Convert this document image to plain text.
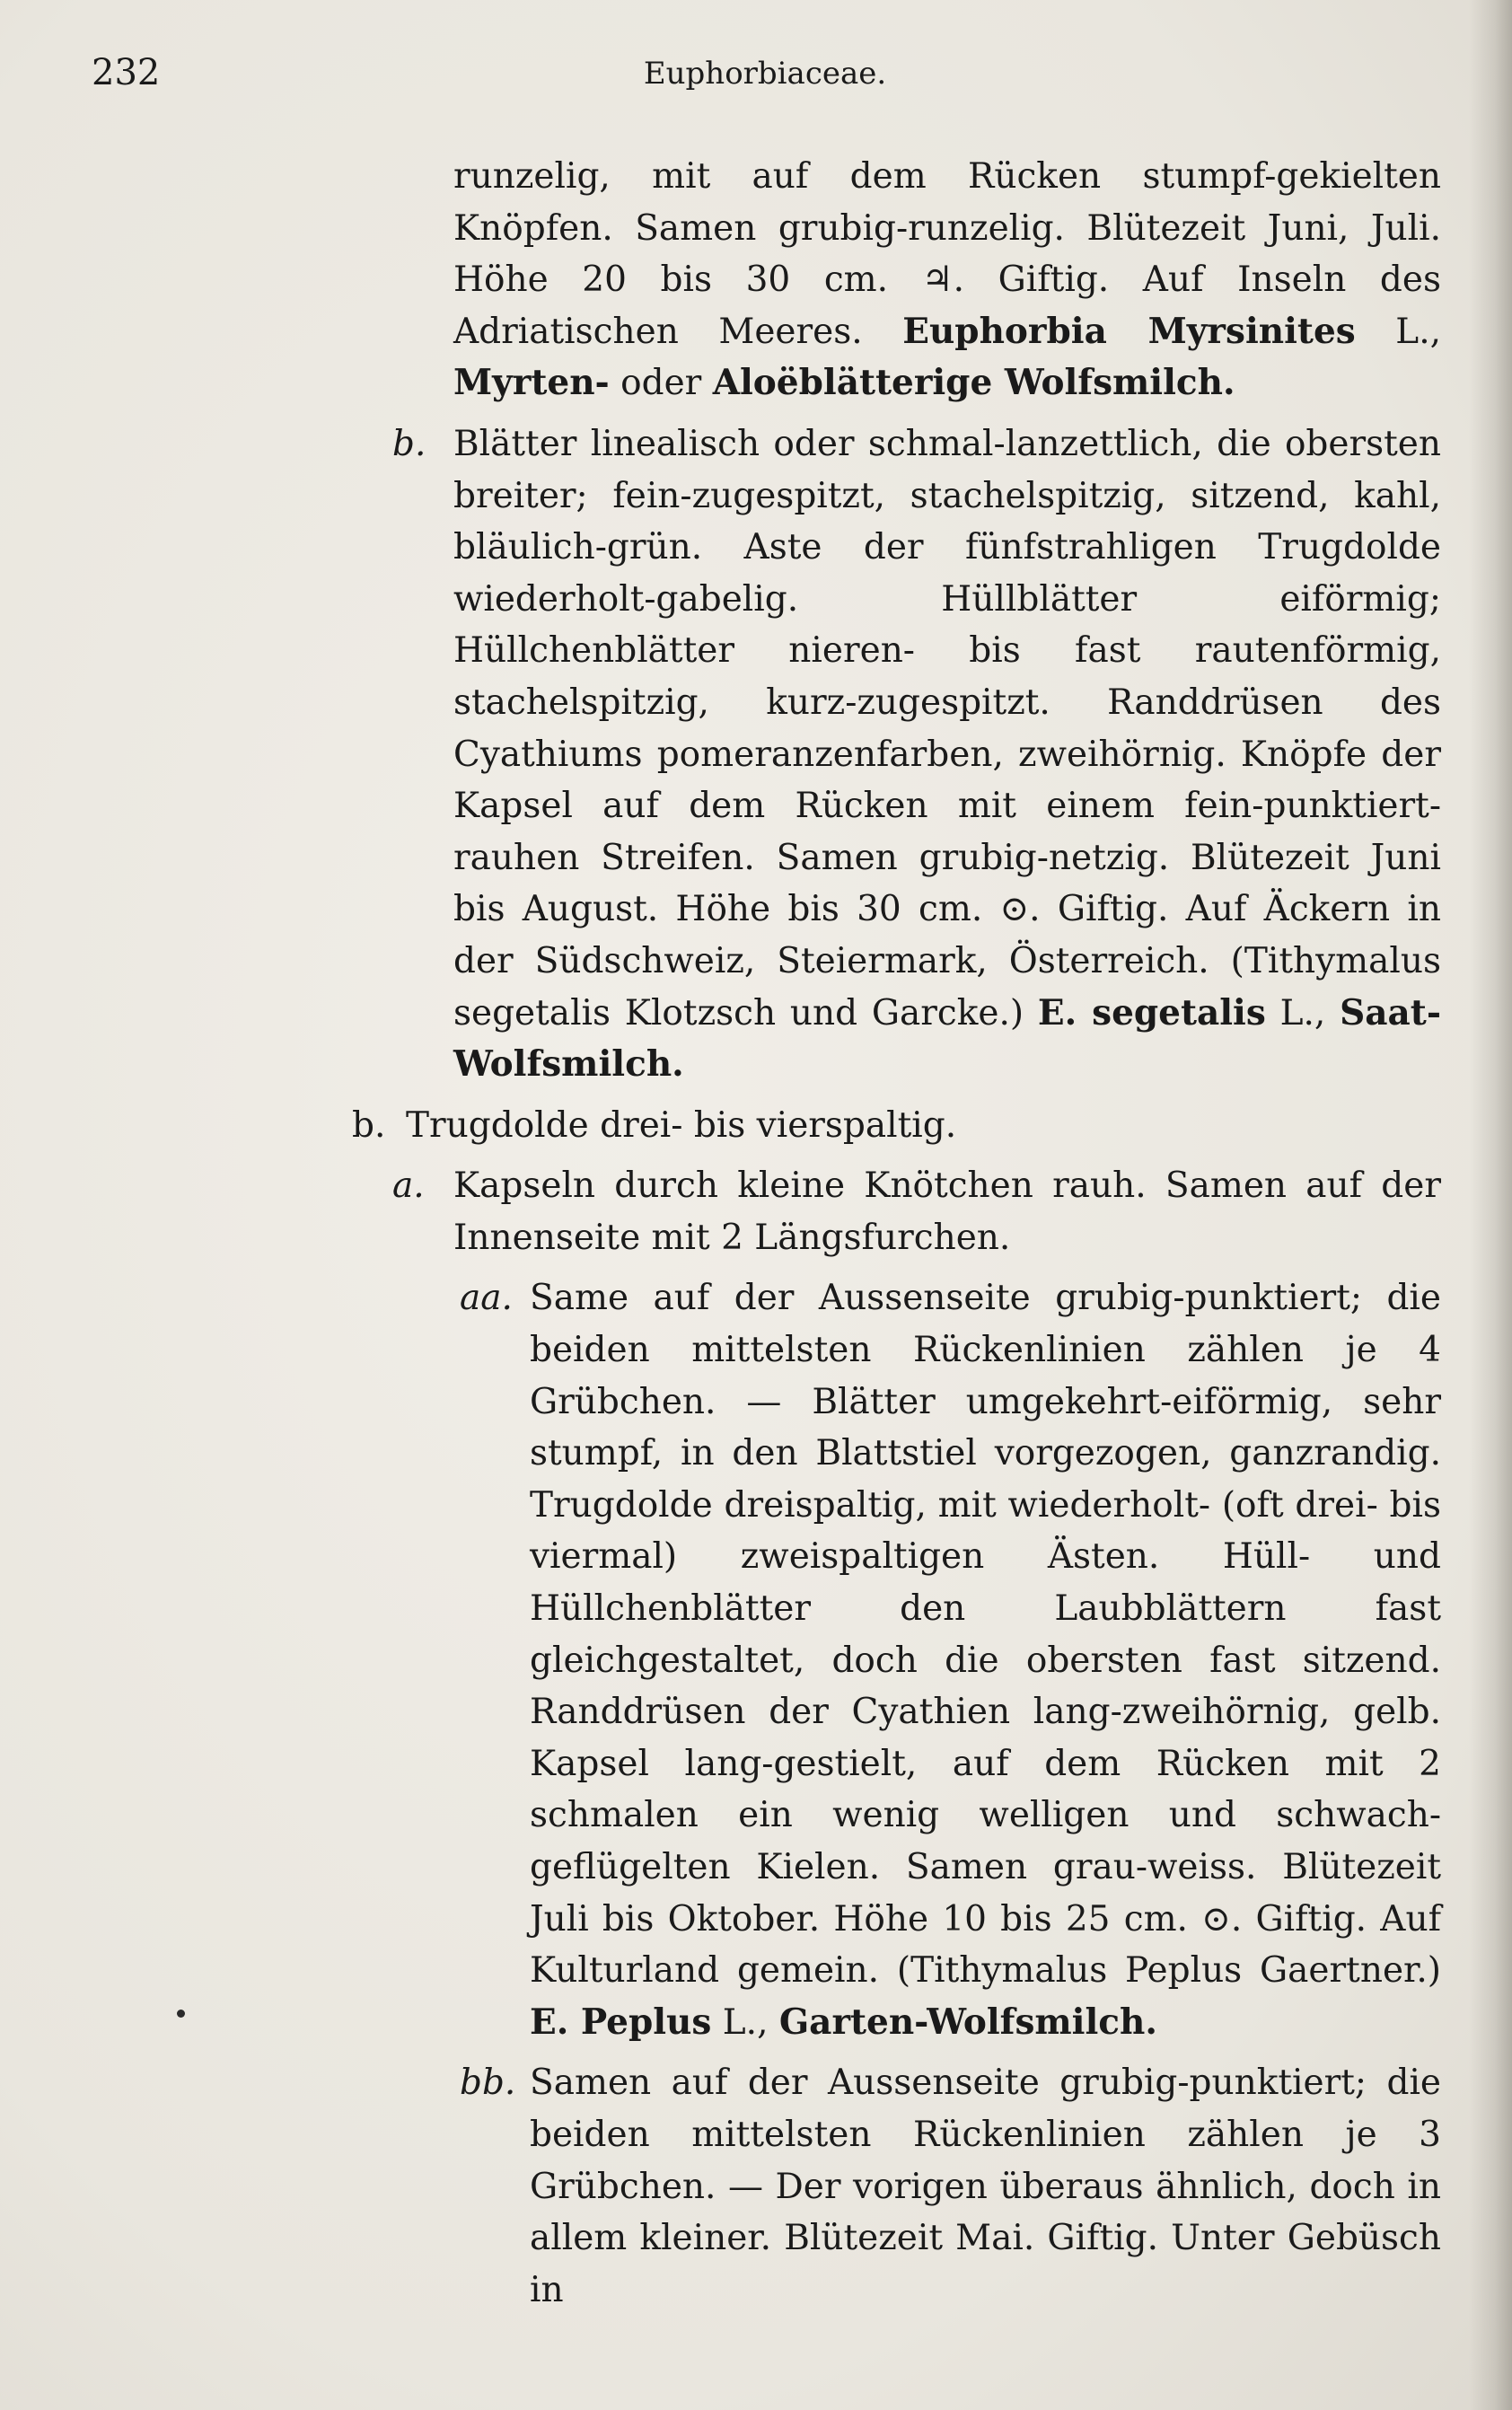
232	Euphorbiaceae.

runzelig, mit auf dem Rücken stumpf-gekielten Knöpfen. Samen grubig-runzelig. Blütezeit Juni, Juli. Höhe 20 bis 30 cm. ♃. Giftig. Auf Inseln des Adriatischen Meeres. Euphorbia Myrsinites L., Myrten- oder Aloëblätterige Wolfsmilch.

b. Blätter linealisch oder schmal-lanzettlich, die obersten breiter; fein-zugespitzt, stachelspitzig, sitzend, kahl, bläulich-grün. Aste der fünfstrahligen Trugdolde wiederholt-gabelig. Hüllblätter eiförmig; Hüllchenblätter nieren- bis fast rautenförmig, stachelspitzig, kurz-zugespitzt. Randdrüsen des Cyathiums pomeranzenfarben, zweihörnig. Knöpfe der Kapsel auf dem Rücken mit einem fein-punktiert-rauhen Streifen. Samen grubig-netzig. Blütezeit Juni bis August. Höhe bis 30 cm. ⊙. Giftig. Auf Äckern in der Südschweiz, Steiermark, Österreich. (Tithymalus segetalis Klotzsch und Garcke.) E. segetalis L., Saat-Wolfsmilch.

b. Trugdolde drei- bis vierspaltig.

a. Kapseln durch kleine Knötchen rauh. Samen auf der Innenseite mit 2 Längsfurchen.

aa. Same auf der Aussenseite grubig-punktiert; die beiden mittelsten Rückenlinien zählen je 4 Grübchen. — Blätter umgekehrt-eiförmig, sehr stumpf, in den Blattstiel vorgezogen, ganzrandig. Trugdolde dreispaltig, mit wiederholt- (oft drei- bis viermal) zweispaltigen Ästen. Hüll- und Hüllchenblätter den Laubblättern fast gleichgestaltet, doch die obersten fast sitzend. Randdrüsen der Cyathien lang-zweihörnig, gelb. Kapsel lang-gestielt, auf dem Rücken mit 2 schmalen ein wenig welligen und schwach-geflügelten Kielen. Samen grau-weiss. Blütezeit Juli bis Oktober. Höhe 10 bis 25 cm. ⊙. Giftig. Auf Kulturland gemein. (Tithymalus Peplus Gaertner.) E. Peplus L., Garten-Wolfsmilch.

bb. Samen auf der Aussenseite grubig-punktiert; die beiden mittelsten Rückenlinien zählen je 3 Grübchen. — Der vorigen überaus ähnlich, doch in allem kleiner. Blütezeit Mai. Giftig. Unter Gebüsch in
